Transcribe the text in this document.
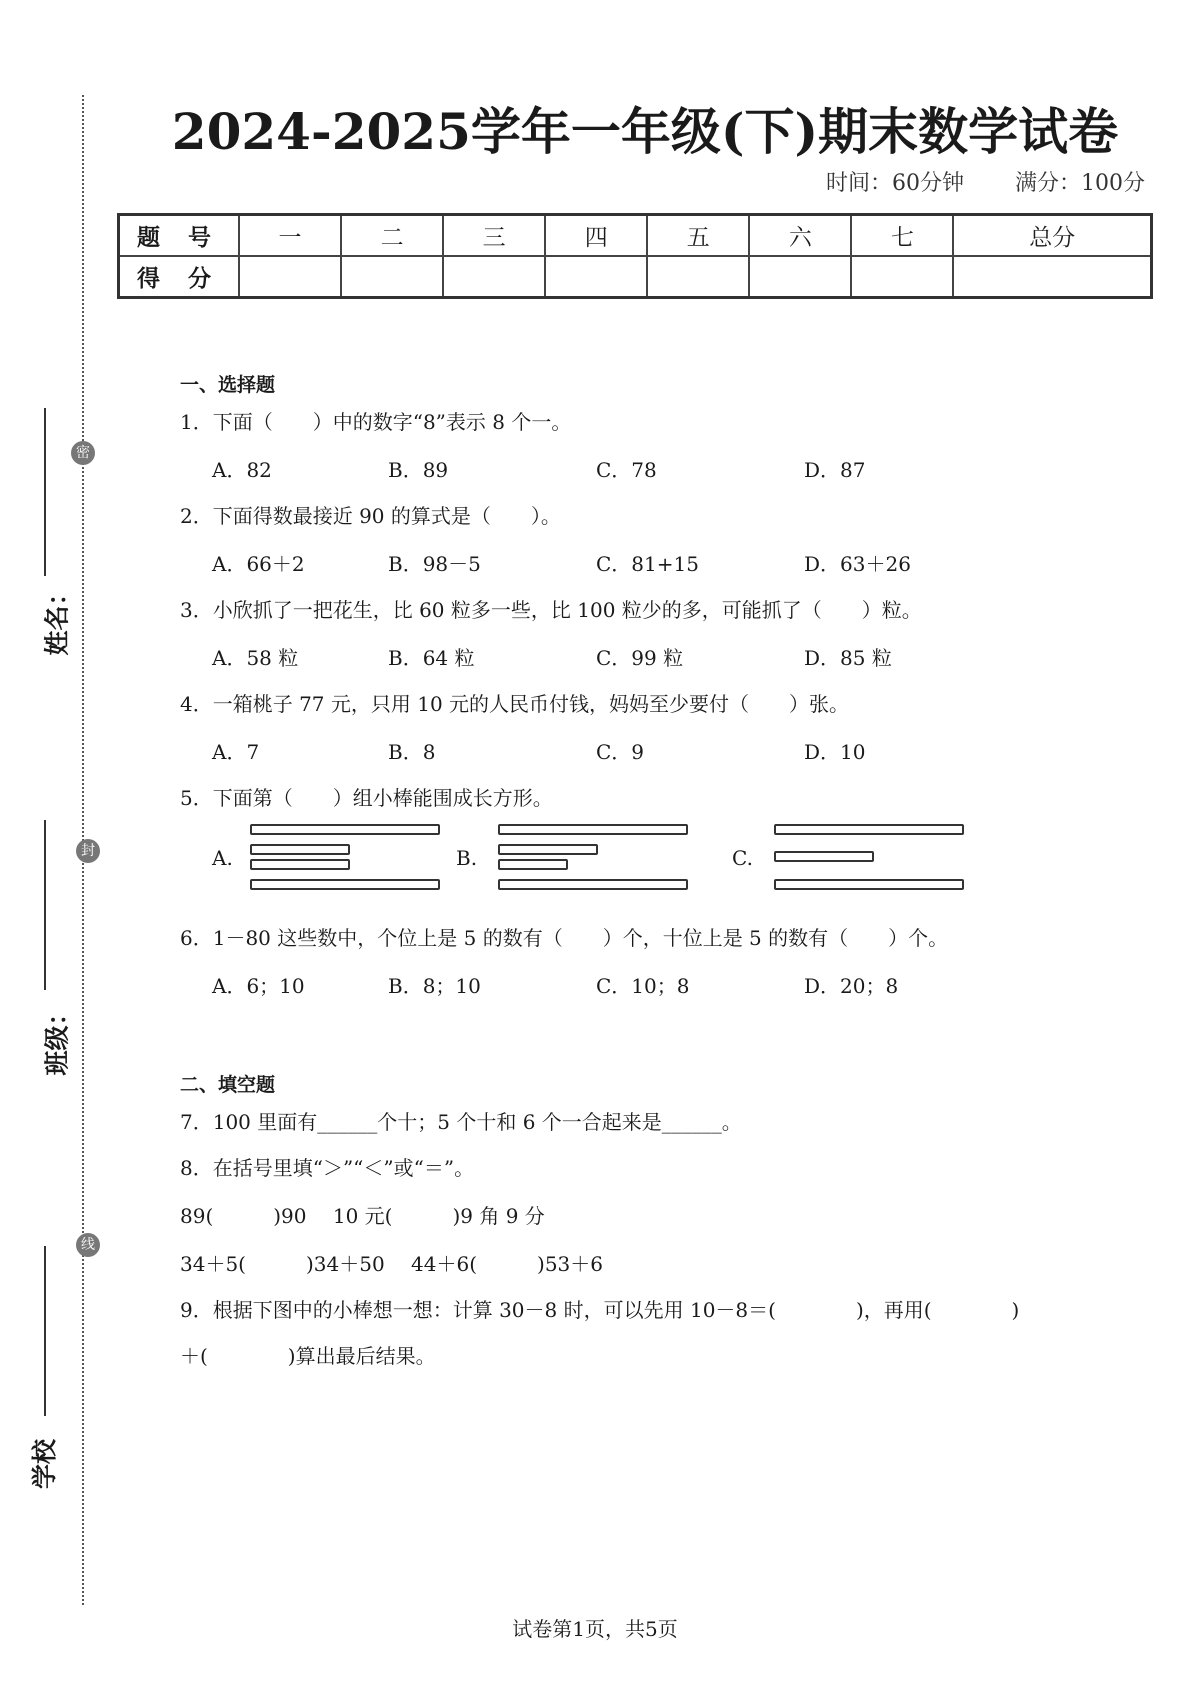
密
封
线
姓名：
班级：
学校
2024-2025学年一年级(下)期末数学试卷
时间：60分钟 满分：100分
题 号	一	二	三	四	五	六	七	总分
得 分								
一、选择题
1．下面（　　）中的数字“8”表示 8 个一。
A．82	B．89	C．78	D．87
2．下面得数最接近 90 的算式是（　　）。
A．66＋2	B．98－5	C．81+15	D．63＋26
3．小欣抓了一把花生，比 60 粒多一些，比 100 粒少的多，可能抓了（　　）粒。
A．58 粒	B．64 粒	C．99 粒	D．85 粒
4．一箱桃子 77 元，只用 10 元的人民币付钱，妈妈至少要付（　　）张。
A．7	B．8	C．9	D．10
5．下面第（　　）组小棒能围成长方形。
A.	B.	C.
6．1－80 这些数中，个位上是 5 的数有（　　）个，十位上是 5 的数有（　　）个。
A．6；10	B．8；10	C．10；8	D．20；8
二、填空题
7．100 里面有______个十；5 个十和 6 个一合起来是______。
8．在括号里填“＞”“＜”或“＝”。
89(　　　)90　 10 元(　　　)9 角 9 分
34＋5(　　　)34＋50　 44＋6(　　　)53＋6
9．根据下图中的小棒想一想：计算 30－8 时，可以先用 10－8＝(　　　　)，再用(　　　　)
＋(　　　　)算出最后结果。
试卷第1页，共5页
